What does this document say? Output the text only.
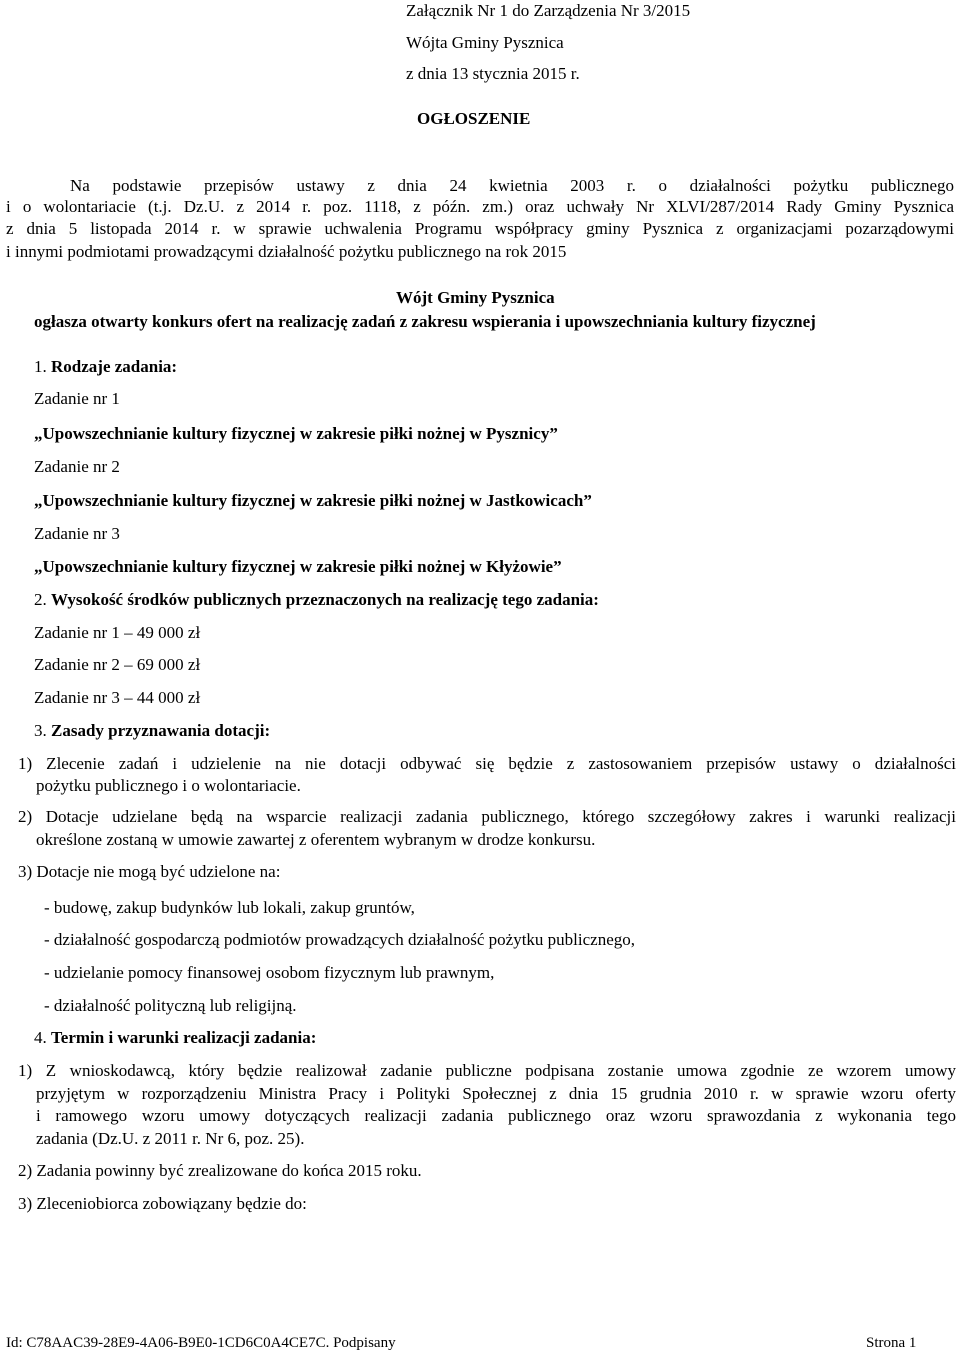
Załącznik Nr 1 do Zarządzenia Nr 3/2015
Wójta Gminy Pysznica
z dnia 13 stycznia 2015 r.
OGŁOSZENIE
Na podstawie przepisów ustawy z dnia 24 kwietnia 2003 r. o działalności pożytku publicznego
i o wolontariacie (t.j. Dz.U. z 2014 r. poz. 1118, z późn. zm.) oraz uchwały Nr XLVI/287/2014 Rady Gminy Pysznica
z dnia 5 listopada 2014 r. w sprawie uchwalenia Programu współpracy gminy Pysznica z organizacjami pozarządowymi
i innymi podmiotami prowadzącymi działalność pożytku publicznego na rok 2015
Wójt Gminy Pysznica
ogłasza otwarty konkurs ofert na realizację zadań z zakresu wspierania i upowszechniania kultury fizycznej
1. Rodzaje zadania:
Zadanie nr 1
„Upowszechnianie kultury fizycznej w zakresie piłki nożnej w Pysznicy”
Zadanie nr 2
„Upowszechnianie kultury fizycznej w zakresie piłki nożnej w Jastkowicach”
Zadanie nr 3
„Upowszechnianie kultury fizycznej w zakresie piłki nożnej w Kłyżowie”
2. Wysokość środków publicznych przeznaczonych na realizację tego zadania:
Zadanie nr 1 – 49 000 zł
Zadanie nr 2 – 69 000 zł
Zadanie nr 3 – 44 000 zł
3. Zasady przyznawania dotacji:
1) Zlecenie zadań i udzielenie na nie dotacji odbywać się będzie z zastosowaniem przepisów ustawy o działalności
pożytku publicznego i o wolontariacie.
2) Dotacje udzielane będą na wsparcie realizacji zadania publicznego, którego szczegółowy zakres i warunki realizacji
określone zostaną w umowie zawartej z oferentem wybranym w drodze konkursu.
3) Dotacje nie mogą być udzielone na:
- budowę, zakup budynków lub lokali, zakup gruntów,
- działalność gospodarczą podmiotów prowadzących działalność pożytku publicznego,
- udzielanie pomocy finansowej osobom fizycznym lub prawnym,
- działalność polityczną lub religijną.
4. Termin i warunki realizacji zadania:
1) Z wnioskodawcą, który będzie realizował zadanie publiczne podpisana zostanie umowa zgodnie ze wzorem umowy
przyjętym w rozporządzeniu Ministra Pracy i Polityki Społecznej z dnia 15 grudnia 2010 r. w sprawie wzoru oferty
i ramowego wzoru umowy dotyczących realizacji zadania publicznego oraz wzoru sprawozdania z wykonania tego
zadania (Dz.U. z 2011 r. Nr 6, poz. 25).
2) Zadania powinny być zrealizowane do końca 2015 roku.
3) Zleceniobiorca zobowiązany będzie do:
Id: C78AAC39-28E9-4A06-B9E0-1CD6C0A4CE7C. Podpisany	Strona 1
